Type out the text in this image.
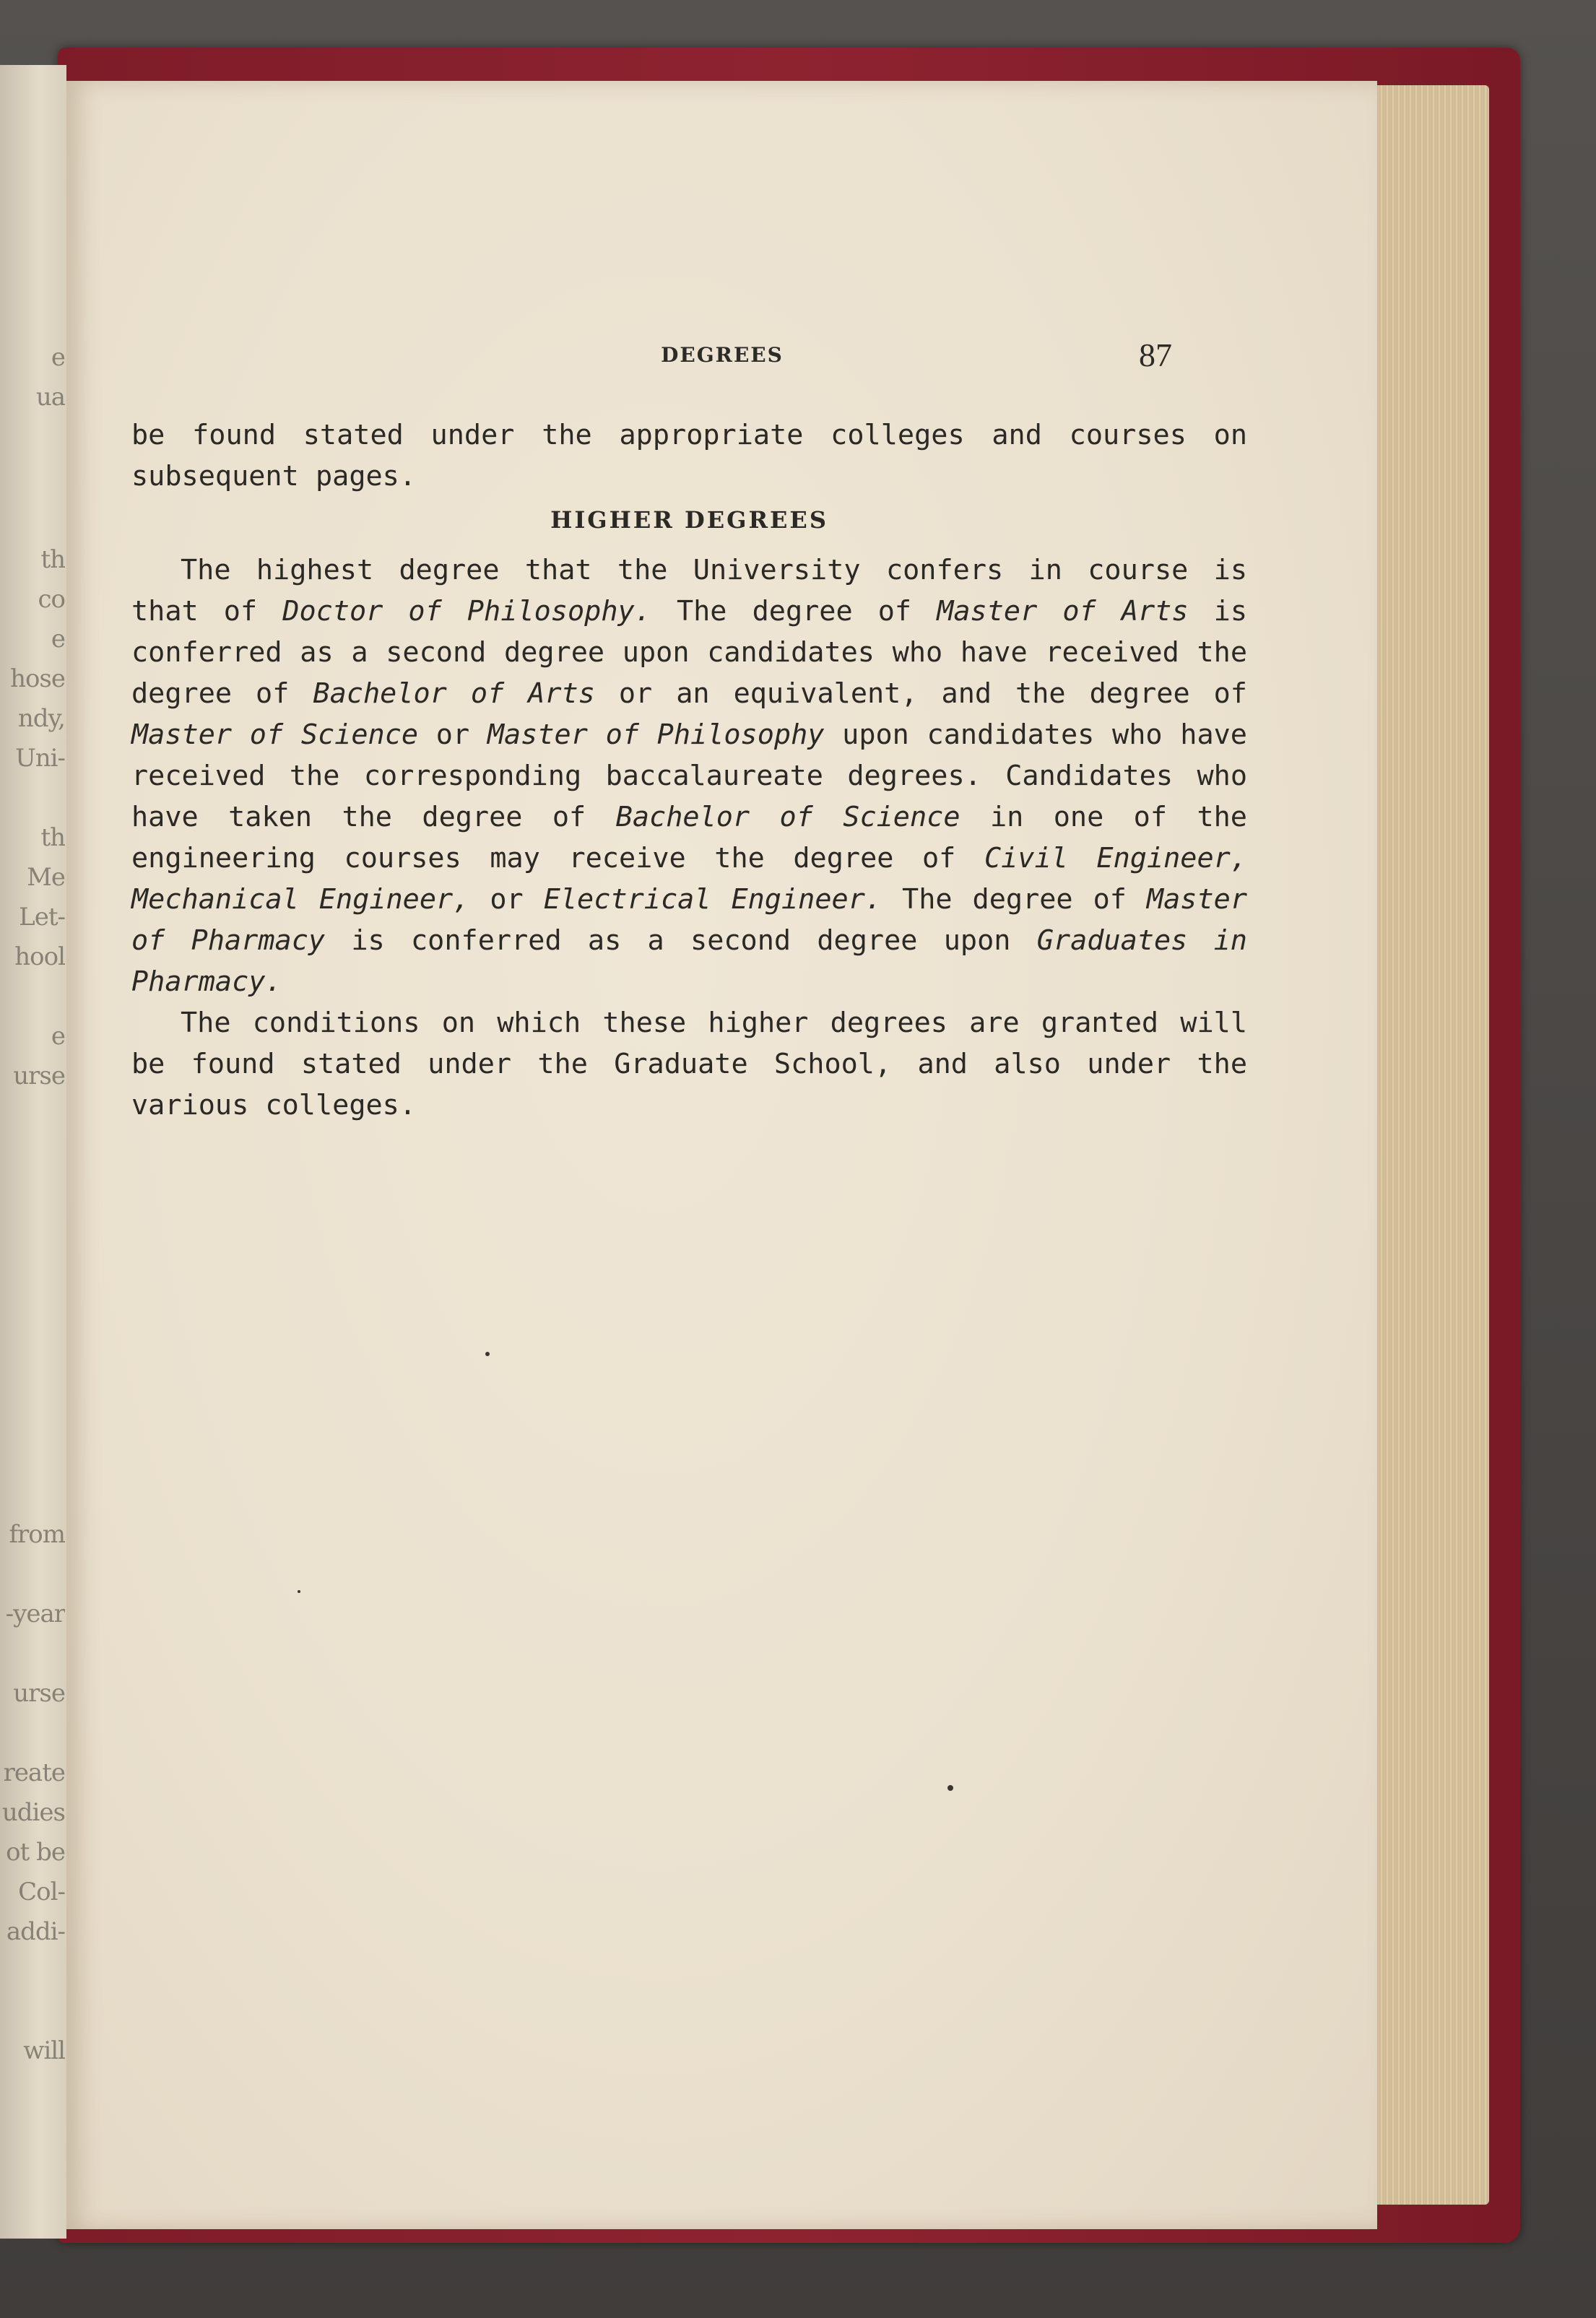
e
ua
th
co
e
hose
ndy,
Uni-
th
Me
Let-
hool
e
urse
from
-year
urse
reate
udies
ot be
Col-
addi-
will
DEGREES	87

be found stated under the appropriate colleges and courses on subsequent pages.

HIGHER DEGREES

The highest degree that the University confers in course is that of Doctor of Philosophy. The degree of Master of Arts is conferred as a second degree upon candidates who have received the degree of Bachelor of Arts or an equivalent, and the degree of Master of Science or Master of Philosophy upon candidates who have received the corresponding baccalaureate degrees. Candidates who have taken the degree of Bachelor of Science in one of the engineering courses may receive the degree of Civil Engineer, Mechanical Engineer, or Electrical Engineer. The degree of Master of Pharmacy is conferred as a second degree upon Graduates in Pharmacy.

The conditions on which these higher degrees are granted will be found stated under the Graduate School, and also under the various colleges.
